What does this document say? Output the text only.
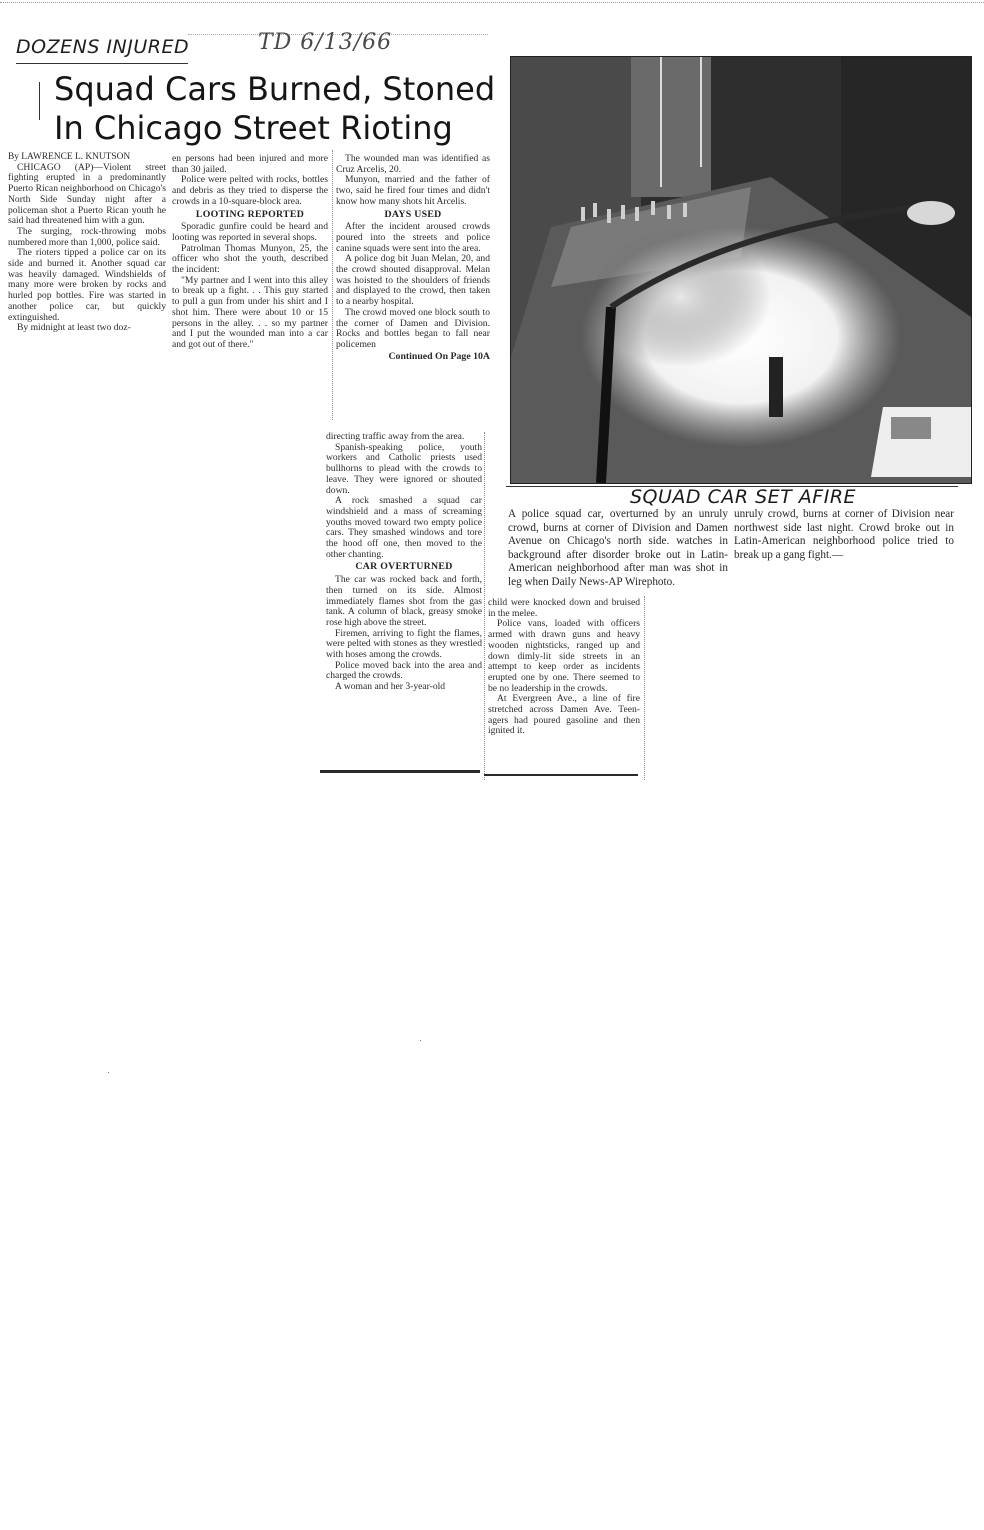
DOZENS INJURED	TD 6/13/66
Squad Cars Burned, Stoned
In Chicago Street Rioting

By LAWRENCE L. KNUTSON

CHICAGO (AP)—Violent street fighting erupted in a predominantly Puerto Rican neighborhood on Chicago's North Side Sunday night after a policeman shot a Puerto Rican youth he said had threatened him with a gun.

The surging, rock-throwing mobs numbered more than 1,000, police said.

The rioters tipped a police car on its side and burned it. Another squad car was heavily damaged. Windshields of many more were broken by rocks and hurled pop bottles. Fire was started in another police car, but quickly extinguished.

By midnight at least two doz-

en persons had been injured and more than 30 jailed.

Police were pelted with rocks, bottles and debris as they tried to disperse the crowds in a 10-square-block area.

LOOTING REPORTED

Sporadic gunfire could be heard and looting was reported in several shops.

Patrolman Thomas Munyon, 25, the officer who shot the youth, described the incident:

"My partner and I went into this alley to break up a fight. . . This guy started to pull a gun from under his shirt and I shot him. There were about 10 or 15 persons in the alley. . . so my partner and I put the wounded man into a car and got out of there."

The wounded man was identified as Cruz Arcelis, 20.

Munyon, married and the father of two, said he fired four times and didn't know how many shots hit Arcelis.

DAYS USED

After the incident aroused crowds poured into the streets and police canine squads were sent into the area.

A police dog bit Juan Melan, 20, and the crowd shouted disapproval. Melan was hoisted to the shoulders of friends and displayed to the crowd, then taken to a nearby hospital.

The crowd moved one block south to the corner of Damen and Division. Rocks and bottles began to fall near policemen

Continued On Page 10A

directing traffic away from the area.

Spanish-speaking police, youth workers and Catholic priests used bullhorns to plead with the crowds to leave. They were ignored or shouted down.

A rock smashed a squad car windshield and a mass of screaming youths moved toward two empty police cars. They smashed windows and tore the hood off one, then moved to the other chanting.

CAR OVERTURNED

The car was rocked back and forth, then turned on its side. Almost immediately flames shot from the gas tank. A column of black, greasy smoke rose high above the street.

Firemen, arriving to fight the flames, were pelted with stones as they wrestled with hoses among the crowds.

Police moved back into the area and charged the crowds.

A woman and her 3-year-old

child were knocked down and bruised in the melee.

Police vans, loaded with officers armed with drawn guns and heavy wooden nightsticks, ranged up and down dimly-lit side streets in an attempt to keep order as incidents erupted one by one. There seemed to be no leadership in the crowds.

At Evergreen Ave., a line of fire stretched across Damen Ave. Teen-agers had poured gasoline and then ignited it.

SQUAD CAR SET AFIRE
A police squad car, overturned by an unruly crowd, burns at corner of Division and Damen Avenue on Chicago's north side. watches in background after disorder broke out in Latin-American neighborhood after man was shot in leg when Daily News-AP Wirephoto.
unruly crowd, burns at corner of Division near northwest side last night. Crowd broke out in Latin-American neighborhood police tried to break up a gang fight.—
